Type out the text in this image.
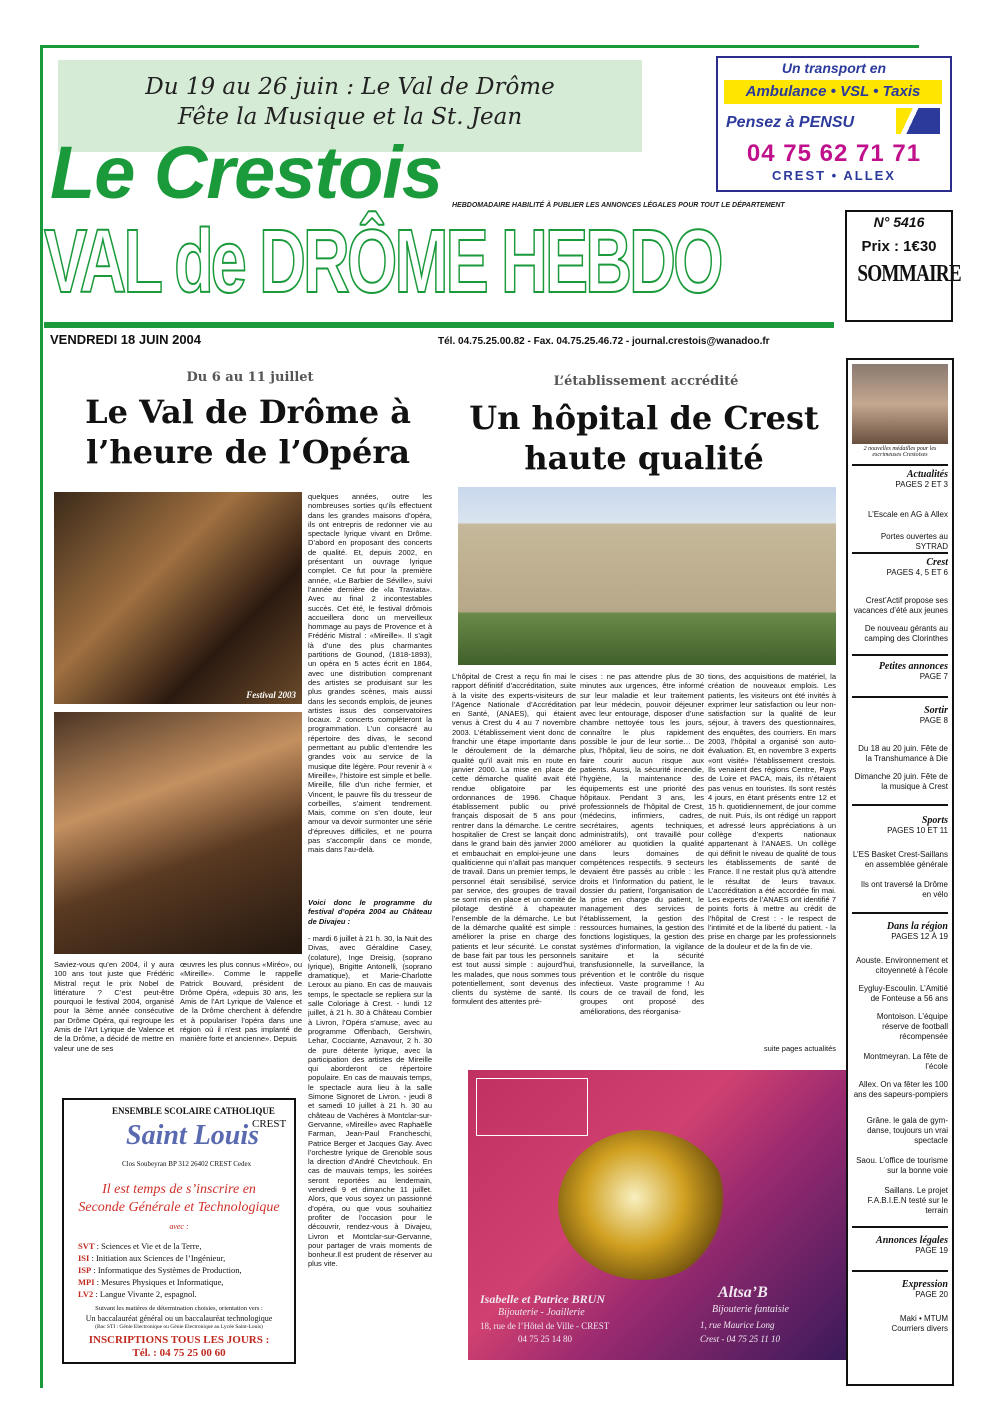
Du 19 au 26 juin : Le Val de Drôme
Fête la Musique et la St. Jean
Un transport en
Ambulance • VSL • Taxis
Pensez à PENSU
04 75 62 71 71
CREST • ALLEX
Le Crestois HEBDOMADAIRE HABILITÉ À PUBLIER LES ANNONCES LÉGALES POUR TOUT LE DÉPARTEMENT
VAL de DRÔME HEBDO	N° 5416
Prix : 1€30
SOMMAIRE
VENDREDI 18 JUIN 2004	Tél. 04.75.25.00.82 - Fax. 04.75.25.46.72 - journal.crestois@wanadoo.fr
Du 6 au 11 juillet
Le Val de Drôme à
l’heure de l’Opéra
Festival 2003
Saviez-vous qu’en 2004, il y aura 100 ans tout juste que Frédéric Mistral reçut le prix Nobel de littérature ? C’est peut-être pourquoi le festival 2004, organisé pour la 3ème année consécutive par Drôme Opéra, qui regroupe les Amis de l’Art Lyrique de Valence et de la Drôme, a décidé de mettre en valeur une de ses
œuvres les plus connus «Miréo», ou «Mireille». Comme le rappelle Patrick Bouvard, président de Drôme Opéra, «depuis 30 ans, les Amis de l’Art Lyrique de Valence et de la Drôme cherchent à défendre et à populariser l’opéra dans une région où il n’est pas implanté de manière forte et ancienne». Depuis
quelques années, outre les nombreuses sorties qu’ils effectuent dans les grandes maisons d’opéra, ils ont entrepris de redonner vie au spectacle lyrique vivant en Drôme. D’abord en proposant des concerts de qualité. Et, depuis 2002, en présentant un ouvrage lyrique complet. Ce fut pour la première année, «Le Barbier de Séville», suivi l’année dernière de «la Traviata». Avec au final 2 incontestables succès. Cet été, le festival drômois accueillera donc un merveilleux hommage au pays de Provence et à Frédéric Mistral : «Mireille». Il s’agit là d’une des plus charmantes partitions de Gounod, (1818-1893), un opéra en 5 actes écrit en 1864, avec une distribution comprenant des artistes se produisant sur les plus grandes scènes, mais aussi dans les seconds emplois, de jeunes artistes issus des conservatoires locaux. 2 concerts compléteront la programmation. L’un consacré au répertoire des divas, le second permettant au public d’entendre les grandes voix au service de la musique dite légère. Pour revenir à « Mireille», l’histoire est simple et belle. Mireille, fille d’un riche fermier, et Vincent, le pauvre fils du tresseur de corbeilles, s’aiment tendrement. Mais, comme on s’en doute, leur amour va devoir surmonter une série d’épreuves difficiles, et ne pourra pas s’accomplir dans ce monde, mais dans l’au-delà.
Voici donc le programme du festival d’opéra 2004 au Château de Divajeu :
- mardi 6 juillet à 21 h. 30, la Nuit des Divas, avec Géraldine Casey, (colature), Inge Dreisig, (soprano lyrique), Brigitte Antonelli, (soprano dramatique), et Marie-Charlotte Leroux au piano. En cas de mauvais temps, le spectacle se replierа sur la salle Coloriage à Crest. - lundi 12 juillet, à 21 h. 30 à Château Combier à Livron, l’Opéra s’amuse, avec au programme Offenbach, Gershwin, Lehar, Cocciante, Aznavour, 2 h. 30 de pure détente lyrique, avec la participation des artistes de Mireille qui aborderont ce répertoire populaire. En cas de mauvais temps, le spectacle aura lieu à la salle Simone Signoret de Livron. - jeudi 8 et samedi 10 juillet à 21 h. 30 au château de Vachères à Montclar-sur-Gervanne, «Mireille» avec Raphaëlle Farman, Jean-Paul Francheschi, Patrice Berger et Jacques Gay. Avec l’orchestre lyrique de Grenoble sous la direction d’André Chevtchouk. En cas de mauvais temps, les soirées seront reportées au lendemain, vendredi 9 et dimanche 11 juillet. Alors, que vous soyez un passionné d’opéra, ou que vous souhaitiez profiter de l’occasion pour le découvrir, rendez-vous à Divajeu, Livron et Montclar-sur-Gervanne, pour partager de vrais moments de bonheur.Il est prudent de réserver au plus vite.
L’établissement accrédité
Un hôpital de Crest
haute qualité
L’hôpital de Crest a reçu fin mai le rapport définitif d’accréditation, suite à la visite des experts-visiteurs de l’Agence Nationale d’Accréditation en Santé, (ANAES), qui étaient venus à Crest du 4 au 7 novembre 2003. L’établissement vient donc de franchir une étape importante dans le déroulement de la démarche qualité qu’il avait mis en route en janvier 2000. La mise en place de cette démarche qualité avait été rendue obligatoire par les ordonnances de 1996. Chaque établissement public ou privé français disposait de 5 ans pour rentrer dans la démarche. Le centre hospitalier de Crest se lançait donc dans le grand bain dès janvier 2000 et embauchait en emploi-jeune une qualiticienne qui n’allait pas manquer de travail. Dans un premier temps, le personnel était sensibilisé, service par service, des groupes de travail se sont mis en place et un comité de pilotage destiné à chapeauter l’ensemble de la démarche. Le but de la démarche qualité est simple : améliorer la prise en charge des patients et leur sécurité. Le constat de base fait par tous les personnels est tout aussi simple : aujourd’hui, les malades, que nous sommes tous potentiellement, sont devenus des clients du système de santé. Ils formulent des attentes pré-
cises : ne pas attendre plus de 30 minutes aux urgences, être informé sur leur maladie et leur traitement par leur médecin, pouvoir déjeuner avec leur entourage, disposer d’une chambre nettoyée tous les jours, connaître le plus rapidement possible le jour de leur sortie… De plus, l’hôpital, lieu de soins, ne doit faire courir aucun risque aux patients. Aussi, la sécurité incendie, l’hygiène, la maintenance des équipements est une priorité des hôpitaux. Pendant 3 ans, les professionnels de l’hôpital de Crest, (médecins, infirmiers, cadres, secrétaires, agents techniques, administratifs), ont travaillé pour améliorer au quotidien la qualité dans leurs domaines de compétences respectifs. 9 secteurs devaient être passés au crible : les droits et l’information du patient, le dossier du patient, l’organisation de la prise en charge du patient, le management des services de l’établissement, la gestion des ressources humaines, la gestion des fonctions logistiques, la gestion des systèmes d’information, la vigilance sanitaire et la sécurité transfusionnelle, la surveillance, la prévention et le contrôle du risque infectieux. Vaste programme ! Au cours de ce travail de fond, les groupes ont proposé des améliorations, des réorganisa-
tions, des acquisitions de matériel, la création de nouveaux emplois. Les patients, les visiteurs ont été invités à exprimer leur satisfaction ou leur non-satisfaction sur la qualité de leur séjour, à travers des questionnaires, des enquêtes, des courriers. En mars 2003, l’hôpital a organisé son auto-évaluation. Et, en novembre 3 experts «ont visité» l’établissement crestois. Ils venaient des régions Centre, Pays de Loire et PACA, mais, ils n’étaient pas venus en touristes. Ils sont restés 4 jours, en étant présents entre 12 et 15 h. quotidiennement, de jour comme de nuit. Puis, ils ont rédigé un rapport et adressé leurs appréciations à un collège d’experts nationaux appartenant à l’ANAES. Un collège qui définit le niveau de qualité de tous les établissements de santé de France. Il ne restait plus qu’à attendre le résultat de leurs travaux. L’accréditation a été accordée fin mai. Les experts de l’ANAES ont identifié 7 points forts à mettre au crédit de l’hôpital de Crest : - le respect de l’intimité et de la liberté du patient. - la prise en charge par les professionnels de la douleur et de la fin de vie.
suite pages actualités
ENSEMBLE SCOLAIRE CATHOLIQUE
Saint Louis
CREST
Clos Soubeyran BP 312 26402 CREST Cedex
Il est temps de s’inscrire en
Seconde Générale et Technologique
avec :
SVT : Sciences et Vie et de la Terre,
ISI : Initiation aux Sciences de l’Ingénieur,
ISP : Informatique des Systèmes de Production,
MPI : Mesures Physiques et Informatique,
LV2 : Langue Vivante 2, espagnol.
Suivant les matières de détermination choisies, orientation vers :
Un baccalauréat général ou un baccalauréat technologique
(Bac STI : Génie Electronique ou Génie Electronique au Lycée Saint-Louis)
INSCRIPTIONS TOUS LES JOURS :
Tél. : 04 75 25 00 60
Isabelle et Patrice BRUN
Bijouterie - Joaillerie
18, rue de l’Hôtel de Ville - CREST
04 75 25 14 80
Altsa’B
Bijouterie fantaisie
1, rue Maurice Long
Crest - 04 75 25 11 10
2 nouvelles médailles pour les escrimeuses Crestoises
Actualités
PAGES 2 ET 3
L’Escale en AG à Allex
Portes ouvertes au SYTRAD
Crest
PAGES 4, 5 ET 6
Crest’Actif propose ses vacances d’été aux jeunes
De nouveau gérants au camping des Clorinthes
Petites annonces
PAGE 7
Sortir
PAGE 8
Du 18 au 20 juin. Fête de la Transhumance à Die
Dimanche 20 juin. Fête de la musique à Crest
Sports
PAGES 10 ET 11
L’ES Basket Crest-Saillans en assemblée générale
Ils ont traversé la Drôme en vélo
Dans la région
PAGES 12 À 19
Aouste. Environnement et citoyenneté à l’école
Eygluy-Escoulin. L’Amitié de Fonteuse a 56 ans
Montoison. L’équipe réserve de football récompensée
Montmeyran. La fête de l’école
Allex. On va fêter les 100 ans des sapeurs-pompiers
Grâne. le gala de gym-danse, toujours un vrai spectacle
Saou. L’office de tourisme sur la bonne voie
Saillans. Le projet F.A.B.I.E.N testé sur le terrain
Annonces légales
PAGE 19
Expression
PAGE 20
Maki • MTUM Courriers divers
